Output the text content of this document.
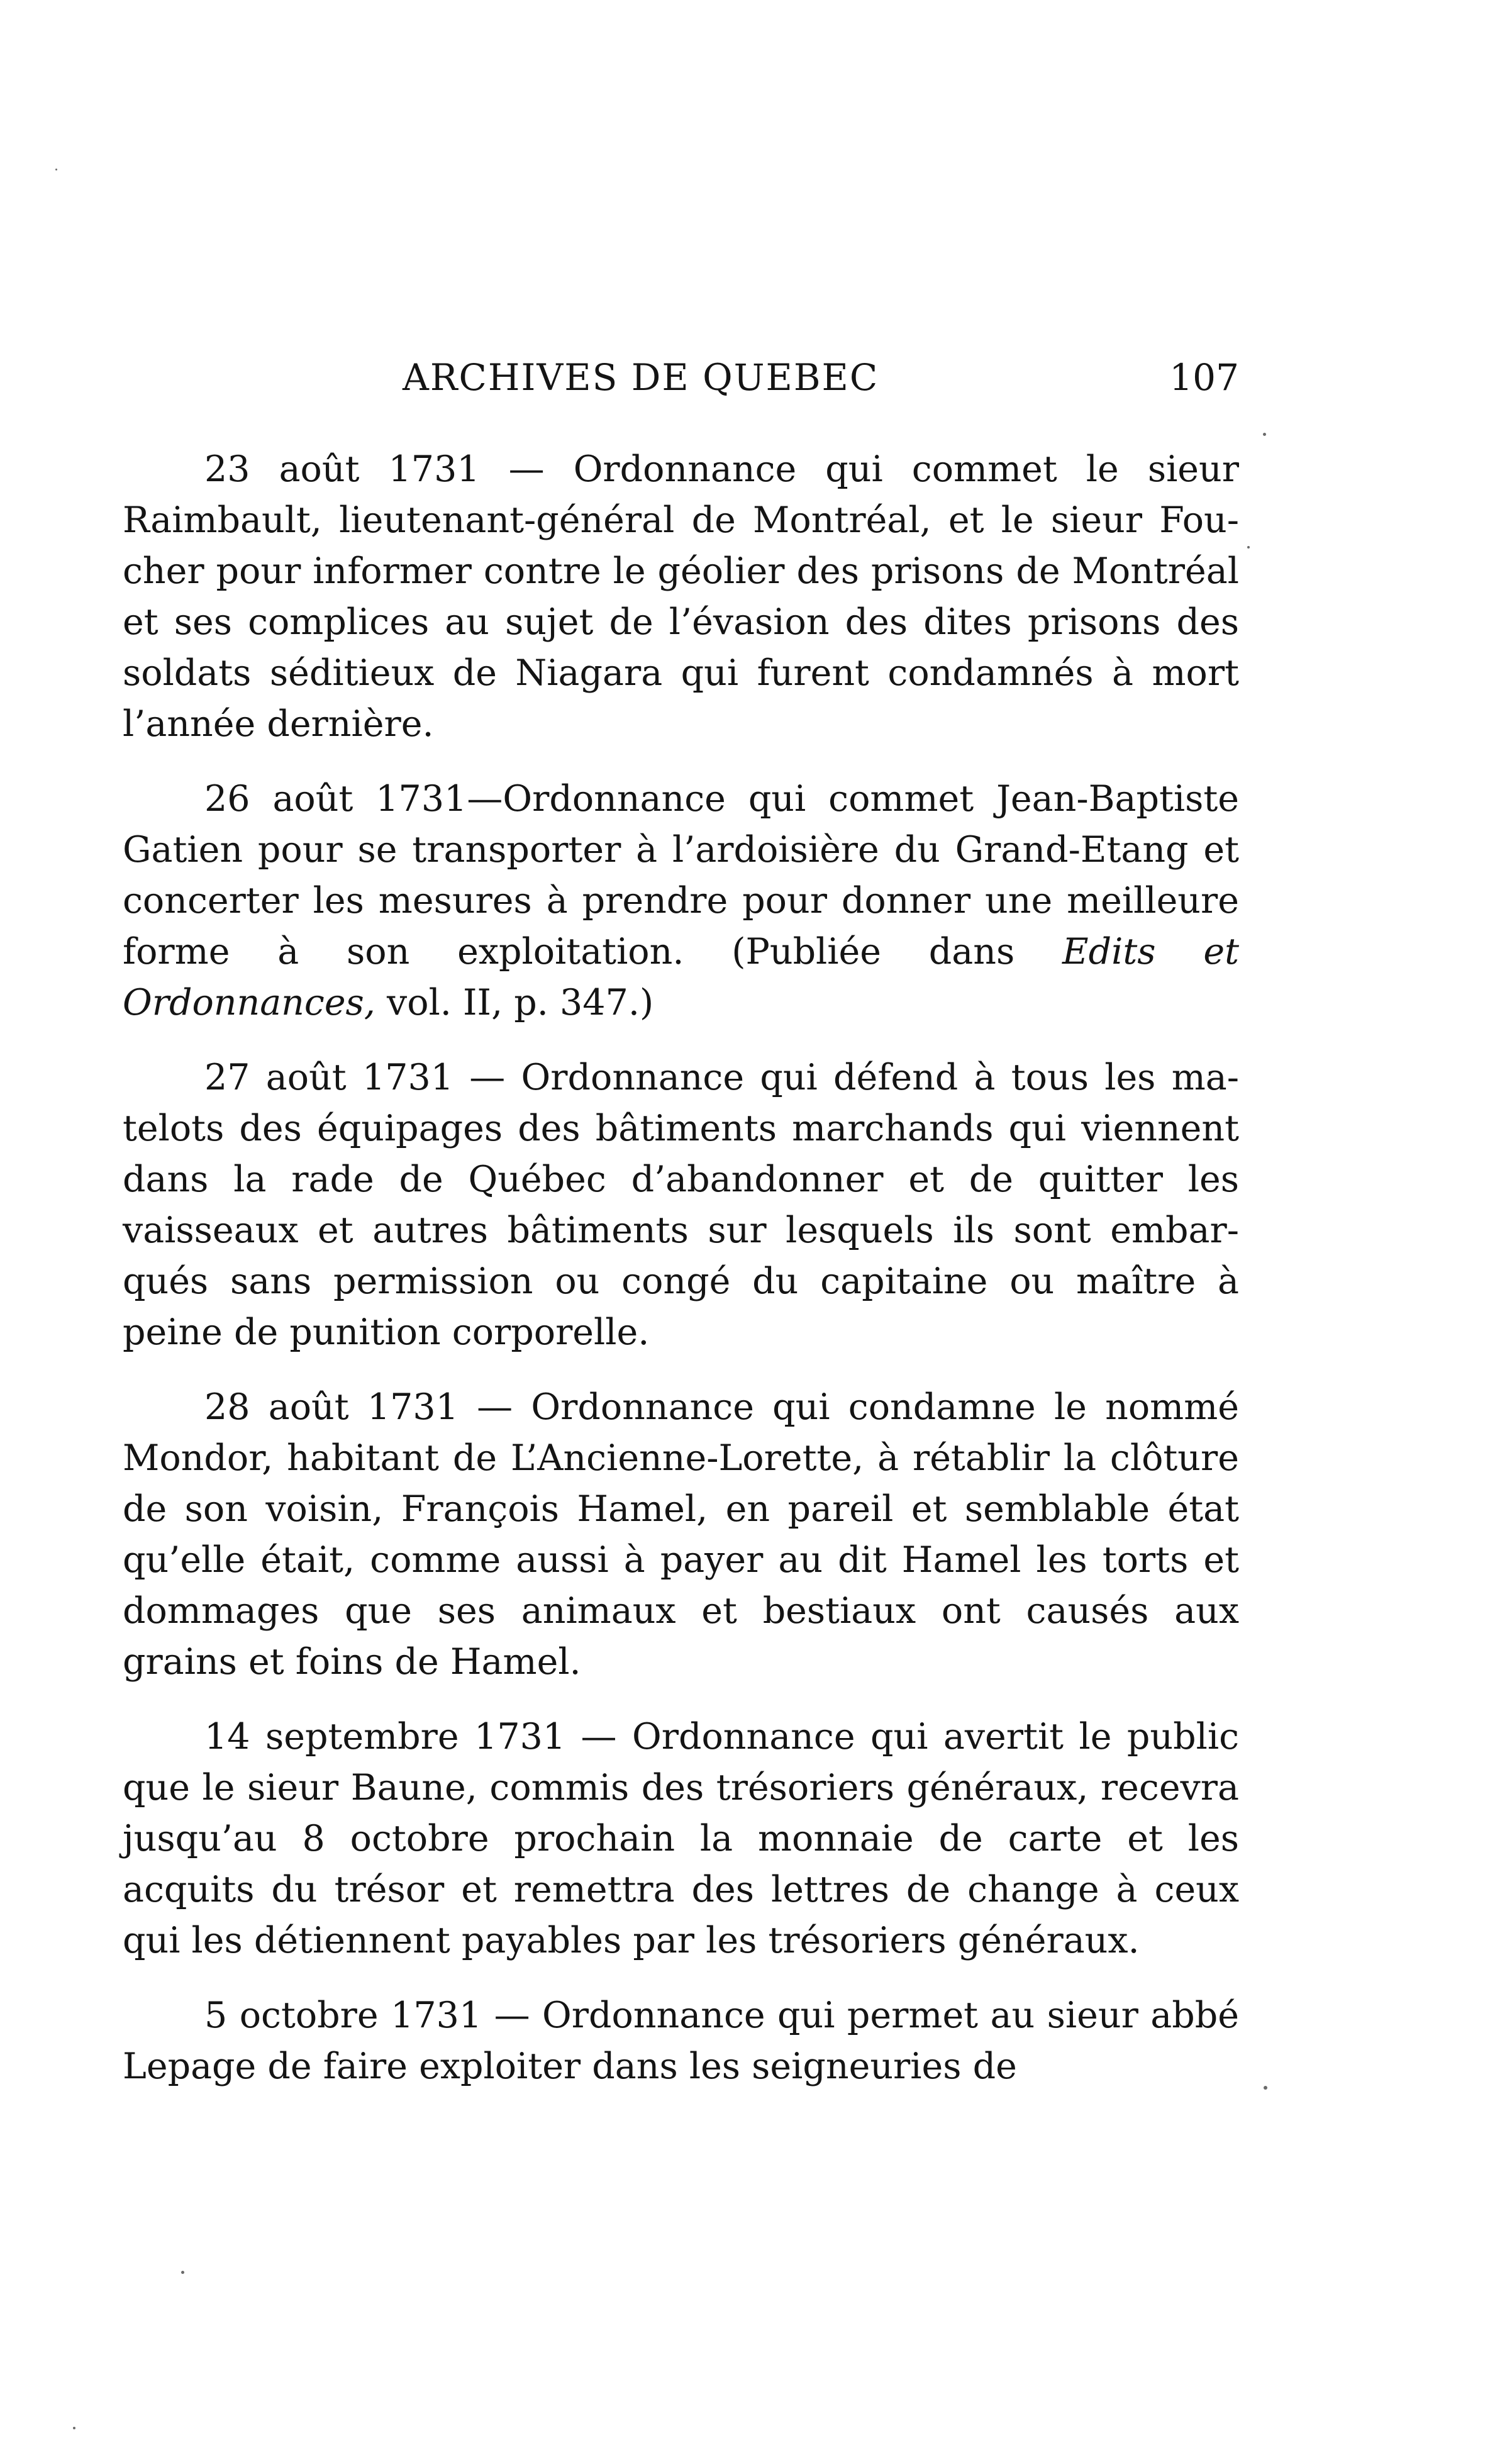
ARCHIVES DE QUEBEC	107

23 août 1731 — Ordonnance qui commet le sieur Raimbault, lieutenant-général de Montréal, et le sieur Foucher pour informer contre le géolier des prisons de Montréal et ses complices au sujet de l’évasion des dites prisons des soldats séditieux de Niagara qui furent condamnés à mort l’année dernière.

26 août 1731—Ordonnance qui commet Jean-Baptiste Gatien pour se transporter à l’ardoisière du Grand-Etang et concerter les mesures à prendre pour donner une meilleure forme à son exploitation. (Publiée dans Edits et Ordonnances, vol. II, p. 347.)

27 août 1731 — Ordonnance qui défend à tous les matelots des équipages des bâtiments marchands qui viennent dans la rade de Québec d’abandonner et de quitter les vaisseaux et autres bâtiments sur lesquels ils sont embarqués sans permission ou congé du capitaine ou maître à peine de punition corporelle.

28 août 1731 — Ordonnance qui condamne le nommé Mondor, habitant de L’Ancienne-Lorette, à rétablir la clôture de son voisin, François Hamel, en pareil et semblable état qu’elle était, comme aussi à payer au dit Hamel les torts et dommages que ses animaux et bestiaux ont causés aux grains et foins de Hamel.

14 septembre 1731 — Ordonnance qui avertit le public que le sieur Baune, commis des trésoriers généraux, recevra jusqu’au 8 octobre prochain la monnaie de carte et les acquits du trésor et remettra des lettres de change à ceux qui les détiennent payables par les trésoriers généraux.

5 octobre 1731 — Ordonnance qui permet au sieur abbé Lepage de faire exploiter dans les seigneuries de
